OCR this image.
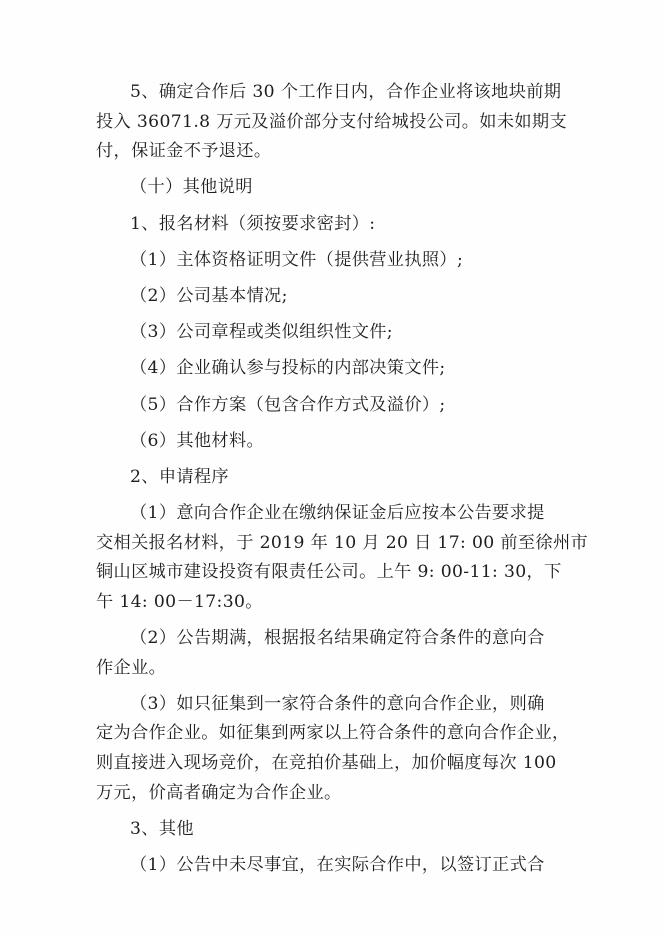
5、确定合作后 30 个工作日内，合作企业将该地块前期
投入 36071.8 万元及溢价部分支付给城投公司。如未如期支
付，保证金不予退还。

（十）其他说明

1、报名材料（须按要求密封）:

（1）主体资格证明文件（提供营业执照）;

（2）公司基本情况;

（3）公司章程或类似组织性文件;

（4）企业确认参与投标的内部决策文件;

（5）合作方案（包含合作方式及溢价）;

（6）其他材料。

2、申请程序

（1）意向合作企业在缴纳保证金后应按本公告要求提
交相关报名材料，于 2019 年 10 月 20 日 17: 00 前至徐州市
铜山区城市建设投资有限责任公司。上午 9: 00-11: 30，下
午 14: 00－17:30。

（2）公告期满，根据报名结果确定符合条件的意向合
作企业。

（3）如只征集到一家符合条件的意向合作企业，则确
定为合作企业。如征集到两家以上符合条件的意向合作企业，
则直接进入现场竞价，在竞拍价基础上，加价幅度每次 100
万元，价高者确定为合作企业。

3、其他

（1）公告中未尽事宜，在实际合作中，以签订正式合
